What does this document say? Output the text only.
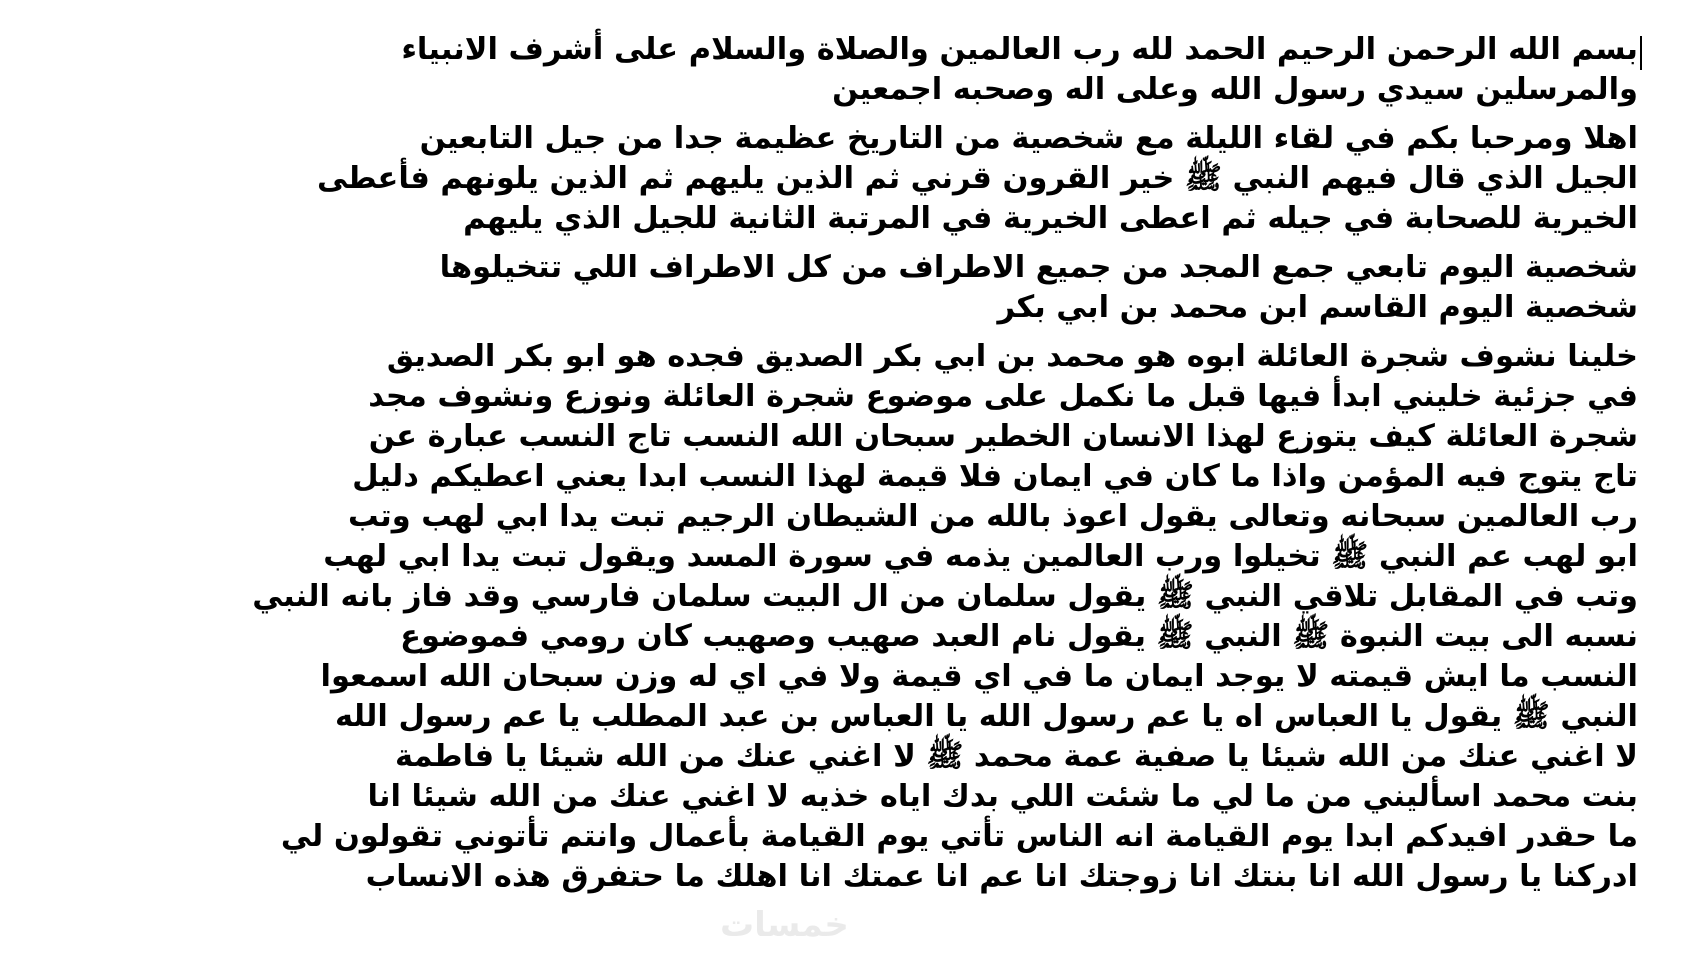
بسم الله الرحمن الرحيم الحمد لله رب العالمين والصلاة والسلام على أشرف الانبياء
والمرسلين سيدي رسول الله وعلى اله وصحبه اجمعين
اهلا ومرحبا بكم في لقاء الليلة مع شخصية من التاريخ عظيمة جدا من جيل التابعين
الجيل الذي قال فيهم النبي ﷺ خير القرون قرني ثم الذين يليهم ثم الذين يلونهم فأعطى
الخيرية للصحابة في جيله ثم اعطى الخيرية في المرتبة الثانية للجيل الذي يليهم
شخصية اليوم تابعي جمع المجد من جميع الاطراف من كل الاطراف اللي تتخيلوها
شخصية اليوم القاسم ابن محمد بن ابي بكر
خلينا نشوف شجرة العائلة ابوه هو محمد بن ابي بكر الصديق فجده هو ابو بكر الصديق
في جزئية خليني ابدأ فيها قبل ما نكمل على موضوع شجرة العائلة ونوزع ونشوف مجد
شجرة العائلة كيف يتوزع لهذا الانسان الخطير سبحان الله النسب تاج النسب عبارة عن
تاج يتوج فيه المؤمن واذا ما كان في ايمان فلا قيمة لهذا النسب ابدا يعني اعطيكم دليل
رب العالمين سبحانه وتعالى يقول اعوذ بالله من الشيطان الرجيم تبت يدا ابي لهب وتب
ابو لهب عم النبي ﷺ تخيلوا ورب العالمين يذمه في سورة المسد ويقول تبت يدا ابي لهب
وتب في المقابل تلاقي النبي ﷺ يقول سلمان من ال البيت سلمان فارسي وقد فاز بانه النبي
نسبه الى بيت النبوة ﷺ النبي ﷺ يقول نام العبد صهيب وصهيب كان رومي فموضوع
النسب ما ايش قيمته لا يوجد ايمان ما في اي قيمة ولا في اي له وزن سبحان الله اسمعوا
النبي ﷺ يقول يا العباس اه يا عم رسول الله يا العباس بن عبد المطلب يا عم رسول الله
لا اغني عنك من الله شيئا يا صفية عمة محمد ﷺ لا اغني عنك من الله شيئا يا فاطمة
بنت محمد اسأليني من ما لي ما شئت اللي بدك اياه خذيه لا اغني عنك من الله شيئا انا
ما حقدر افيدكم ابدا يوم القيامة انه الناس تأتي يوم القيامة بأعمال وانتم تأتوني تقولون لي
ادركنا يا رسول الله انا بنتك انا زوجتك انا عم انا عمتك انا اهلك ما حتفرق هذه الانساب
خمسات
